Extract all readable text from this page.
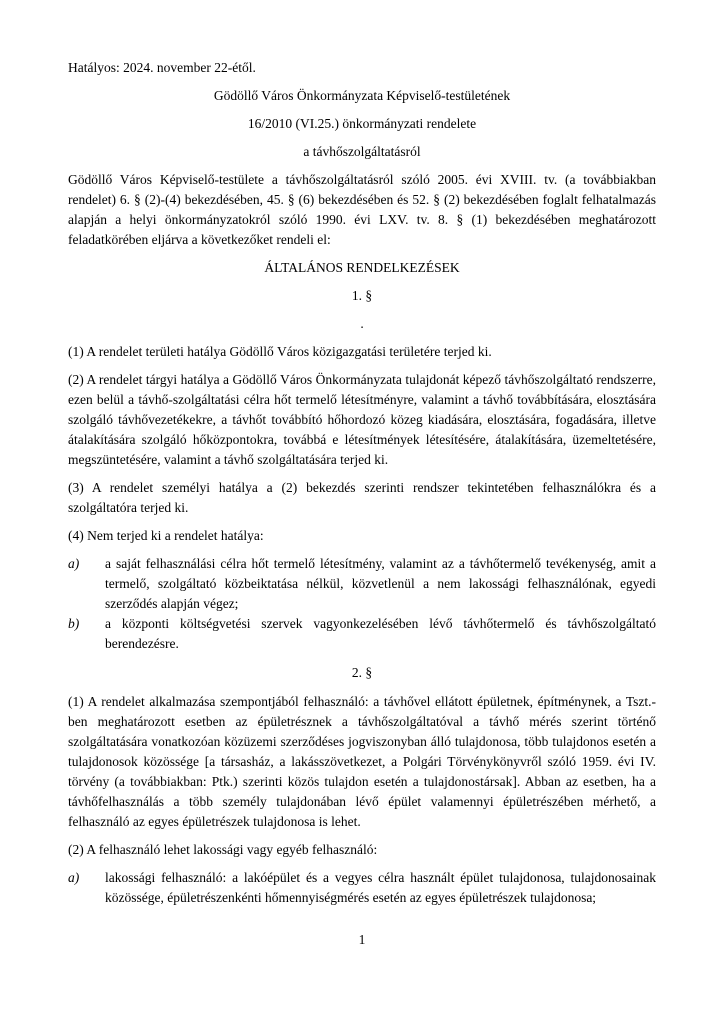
Hatályos: 2024. november 22-étől.

Gödöllő Város Önkormányzata Képviselő-testületének

16/2010 (VI.25.) önkormányzati rendelete

a távhőszolgáltatásról

Gödöllő Város Képviselő-testülete a távhőszolgáltatásról szóló 2005. évi XVIII. tv. (a továbbiakban rendelet) 6. § (2)-(4) bekezdésében, 45. § (6) bekezdésében és 52. § (2) bekezdésében foglalt felhatalmazás alapján a helyi önkormányzatokról szóló 1990. évi LXV. tv. 8. § (1) bekezdésében meghatározott feladatkörében eljárva a következőket rendeli el:

ÁLTALÁNOS RENDELKEZÉSEK
1. §

.

(1) A rendelet területi hatálya Gödöllő Város közigazgatási területére terjed ki.

(2) A rendelet tárgyi hatálya a Gödöllő Város Önkormányzata tulajdonát képező távhőszolgáltató rendszerre, ezen belül a távhő-szolgáltatási célra hőt termelő létesítményre, valamint a távhő továbbítására, elosztására szolgáló távhővezetékekre, a távhőt továbbító hőhordozó közeg kiadására, elosztására, fogadására, illetve átalakítására szolgáló hőközpontokra, továbbá e létesítmények létesítésére, átalakítására, üzemeltetésére, megszüntetésére, valamint a távhő szolgáltatására terjed ki.

(3) A rendelet személyi hatálya a (2) bekezdés szerinti rendszer tekintetében felhasználókra és a szolgáltatóra terjed ki.

(4) Nem terjed ki a rendelet hatálya:

a)	a saját felhasználási célra hőt termelő létesítmény, valamint az a távhőtermelő tevékenység, amit a termelő, szolgáltató közbeiktatása nélkül, közvetlenül a nem lakossági felhasználónak, egyedi szerződés alapján végez;
b)	a központi költségvetési szervek vagyonkezelésében lévő távhőtermelő és távhőszolgáltató berendezésre.
2. §

(1) A rendelet alkalmazása szempontjából felhasználó: a távhővel ellátott épületnek, építménynek, a Tszt.-ben meghatározott esetben az épületrésznek a távhőszolgáltatóval a távhő mérés szerint történő szolgáltatására vonatkozóan közüzemi szerződéses jogviszonyban álló tulajdonosa, több tulajdonos esetén a tulajdonosok közössége [a társasház, a lakásszövetkezet, a Polgári Törvénykönyvről szóló 1959. évi IV. törvény (a továbbiakban: Ptk.) szerinti közös tulajdon esetén a tulajdonostársak]. Abban az esetben, ha a távhőfelhasználás a több személy tulajdonában lévő épület valamennyi épületrészében mérhető, a felhasználó az egyes épületrészek tulajdonosa is lehet.

(2) A felhasználó lehet lakossági vagy egyéb felhasználó:

a)	lakossági felhasználó: a lakóépület és a vegyes célra használt épület tulajdonosa, tulajdonosainak közössége, épületrészenkénti hőmennyiségmérés esetén az egyes épületrészek tulajdonosa;
1
